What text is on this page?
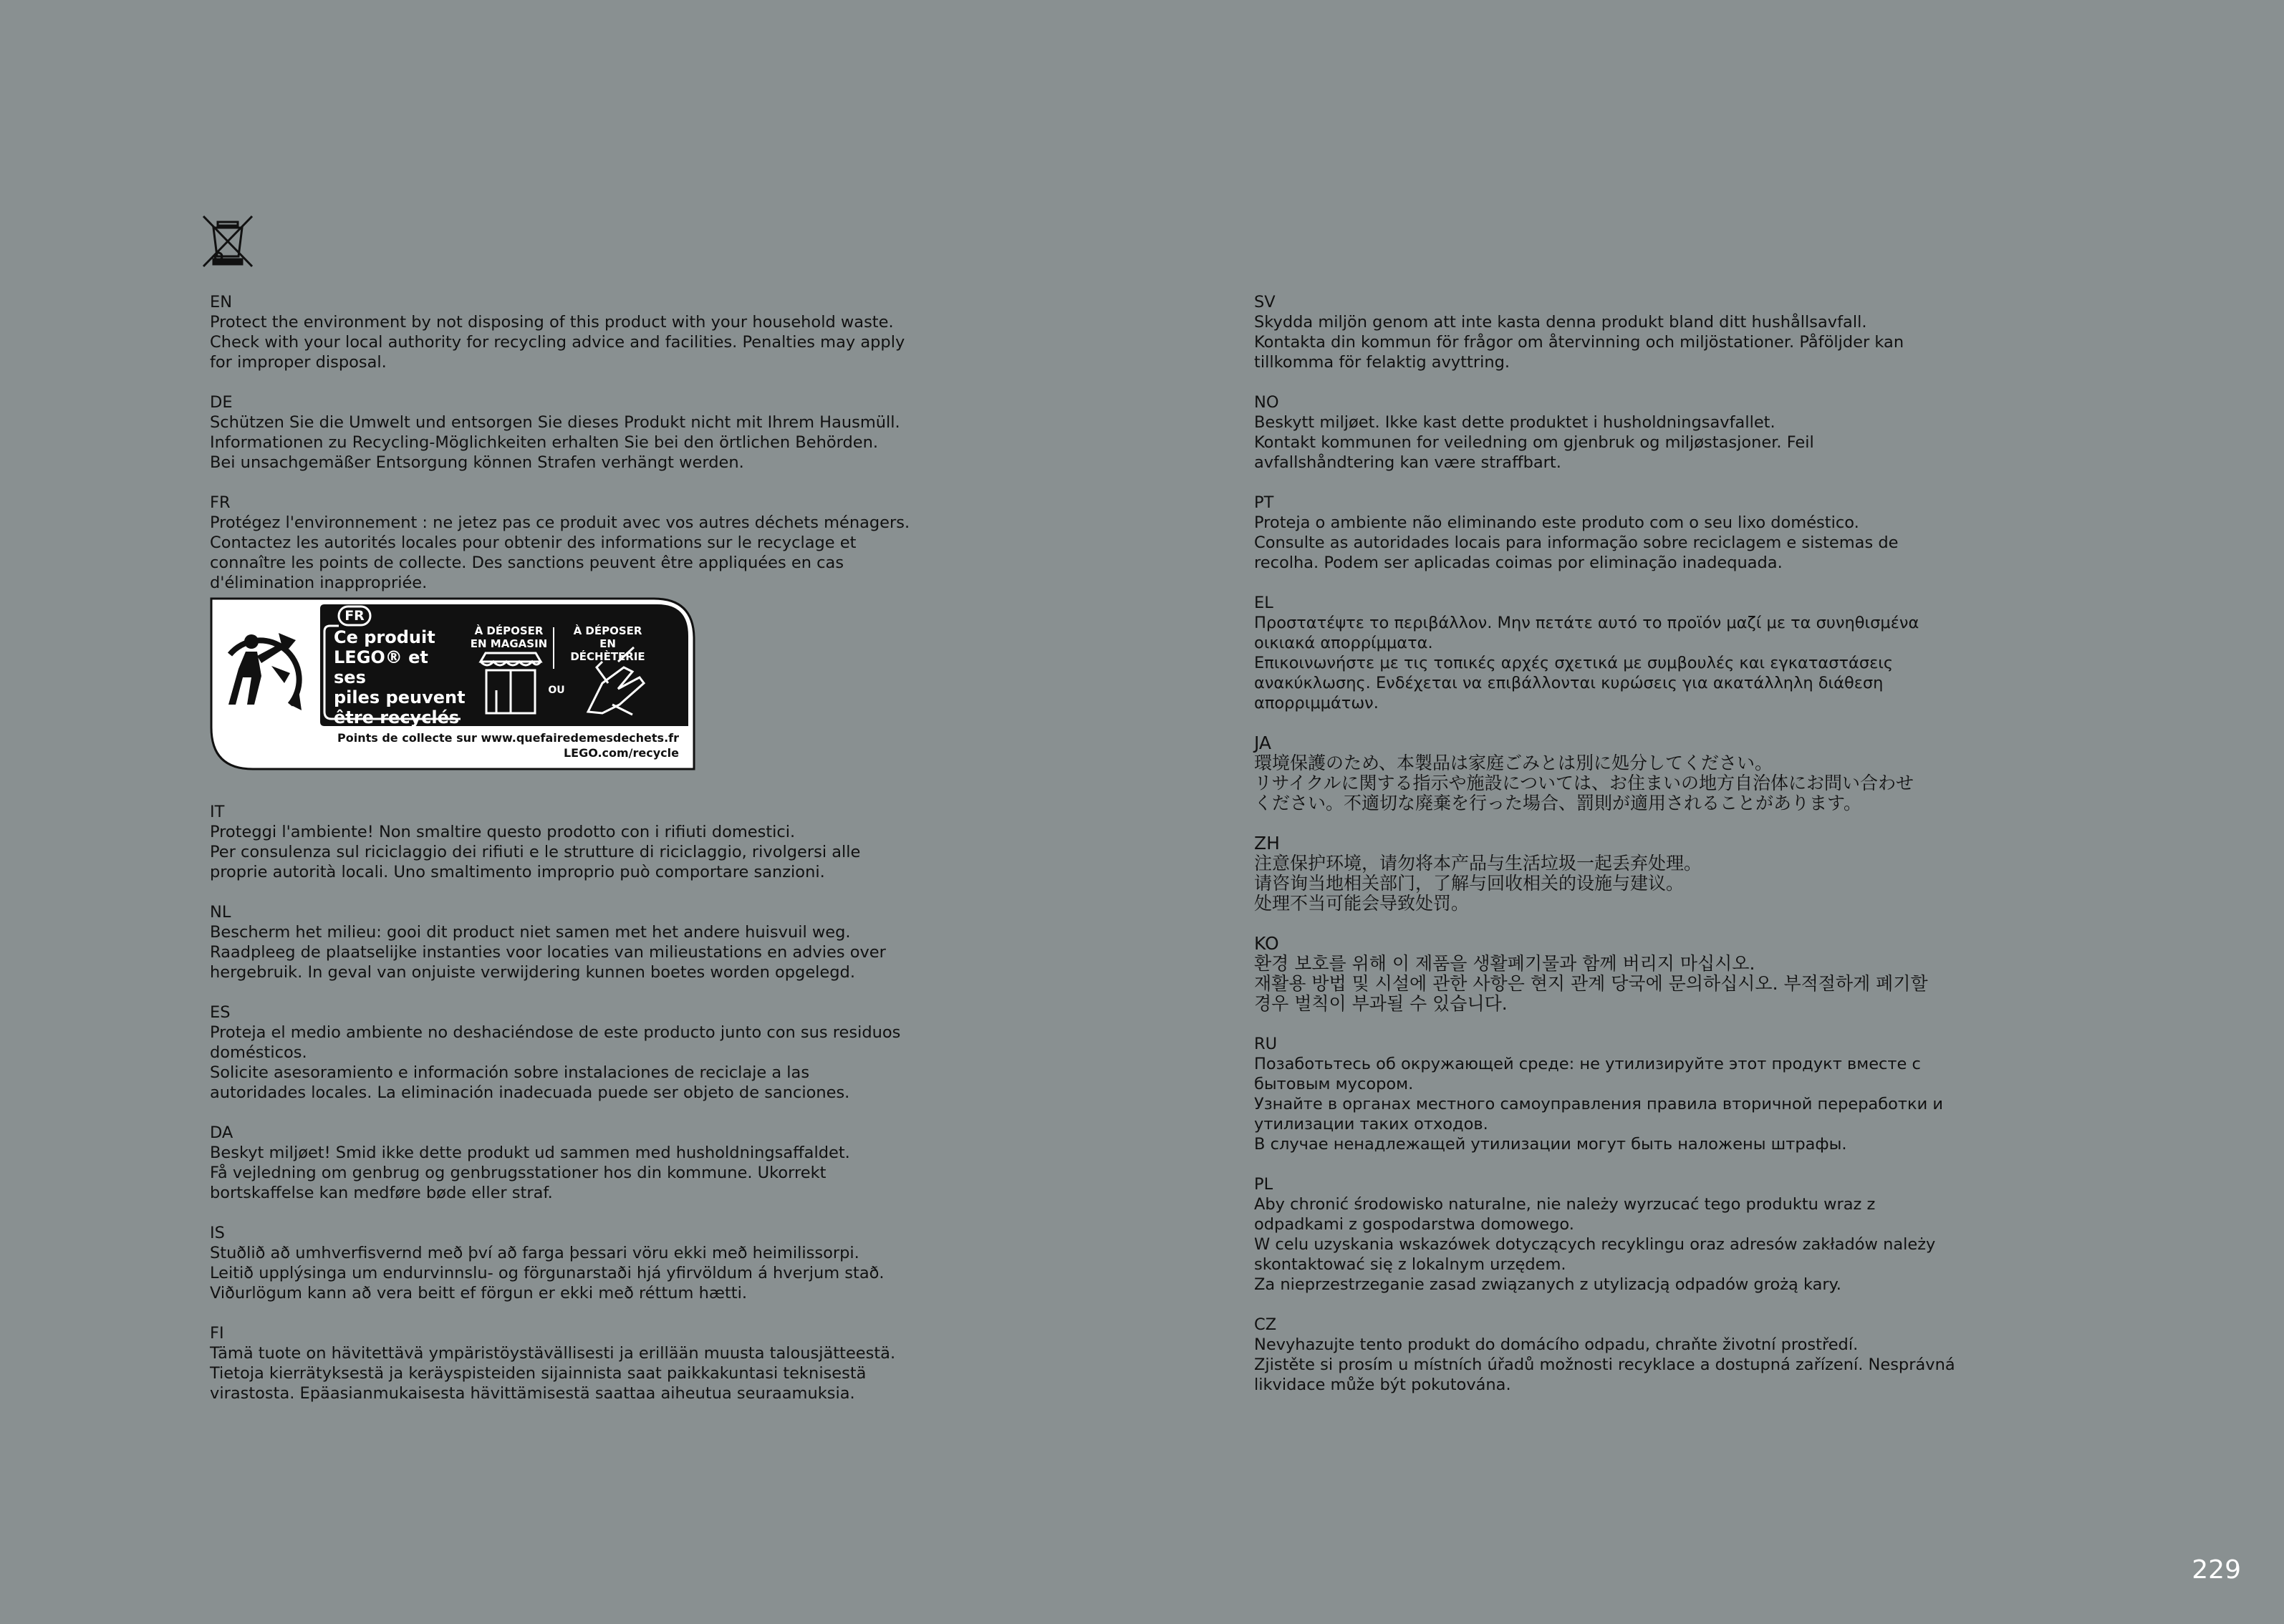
EN
Protect the environment by not disposing of this product with your household waste.
Check with your local authority for recycling advice and facilities. Penalties may apply
for improper disposal.
DE
Schützen Sie die Umwelt und entsorgen Sie dieses Produkt nicht mit Ihrem Hausmüll.
Informationen zu Recycling-Möglichkeiten erhalten Sie bei den örtlichen Behörden.
Bei unsachgemäßer Entsorgung können Strafen verhängt werden.
FR
Protégez l'environnement : ne jetez pas ce produit avec vos autres déchets ménagers.
Contactez les autorités locales pour obtenir des informations sur le recyclage et
connaître les points de collecte. Des sanctions peuvent être appliquées en cas
d'élimination inappropriée.
FR
Ce produit
LEGO® et ses
piles peuvent
être recyclés
À DÉPOSER
EN MAGASIN
À DÉPOSER
EN DÉCHÈTERIE
OU
Points de collecte sur www.quefairedemesdechets.fr
LEGO.com/recycle
IT
Proteggi l'ambiente! Non smaltire questo prodotto con i rifiuti domestici.
Per consulenza sul riciclaggio dei rifiuti e le strutture di riciclaggio, rivolgersi alle
proprie autorità locali. Uno smaltimento improprio può comportare sanzioni.
NL
Bescherm het milieu: gooi dit product niet samen met het andere huisvuil weg.
Raadpleeg de plaatselijke instanties voor locaties van milieustations en advies over
hergebruik. In geval van onjuiste verwijdering kunnen boetes worden opgelegd.
ES
Proteja el medio ambiente no deshaciéndose de este producto junto con sus residuos
domésticos.
Solicite asesoramiento e información sobre instalaciones de reciclaje a las
autoridades locales. La eliminación inadecuada puede ser objeto de sanciones.
DA
Beskyt miljøet! Smid ikke dette produkt ud sammen med husholdningsaffaldet.
Få vejledning om genbrug og genbrugsstationer hos din kommune. Ukorrekt
bortskaffelse kan medføre bøde eller straf.
IS
Stuðlið að umhverfisvernd með því að farga þessari vöru ekki með heimilissorpi.
Leitið upplýsinga um endurvinnslu- og förgunarstaði hjá yfirvöldum á hverjum stað.
Viðurlögum kann að vera beitt ef förgun er ekki með réttum hætti.
FI
Tämä tuote on hävitettävä ympäristöystävällisesti ja erillään muusta talousjätteestä.
Tietoja kierrätyksestä ja keräyspisteiden sijainnista saat paikkakuntasi teknisestä
virastosta. Epäasianmukaisesta hävittämisestä saattaa aiheutua seuraamuksia.
SV
Skydda miljön genom att inte kasta denna produkt bland ditt hushållsavfall.
Kontakta din kommun för frågor om återvinning och miljöstationer. Påföljder kan
tillkomma för felaktig avyttring.
NO
Beskytt miljøet. Ikke kast dette produktet i husholdningsavfallet.
Kontakt kommunen for veiledning om gjenbruk og miljøstasjoner. Feil
avfallshåndtering kan være straffbart.
PT
Proteja o ambiente não eliminando este produto com o seu lixo doméstico.
Consulte as autoridades locais para informação sobre reciclagem e sistemas de
recolha. Podem ser aplicadas coimas por eliminação inadequada.
EL
Προστατέψτε το περιβάλλον. Μην πετάτε αυτό το προϊόν μαζί με τα συνηθισμένα
οικιακά απορρίμματα.
Επικοινωνήστε με τις τοπικές αρχές σχετικά με συμβουλές και εγκαταστάσεις
ανακύκλωσης. Ενδέχεται να επιβάλλονται κυρώσεις για ακατάλληλη διάθεση
απορριμμάτων.
JA
環境保護のため、本製品は家庭ごみとは別に処分してください。
リサイクルに関する指示や施設については、お住まいの地方自治体にお問い合わせ
ください。不適切な廃棄を行った場合、罰則が適用されることがあります。
ZH
注意保护环境，请勿将本产品与生活垃圾一起丢弃处理。
请咨询当地相关部门，了解与回收相关的设施与建议。
处理不当可能会导致处罚。
KO
환경 보호를 위해 이 제품을 생활폐기물과 함께 버리지 마십시오.
재활용 방법 및 시설에 관한 사항은 현지 관계 당국에 문의하십시오. 부적절하게 폐기할
경우 벌칙이 부과될 수 있습니다.
RU
Позаботьтесь об окружающей среде: не утилизируйте этот продукт вместе с
бытовым мусором.
Узнайте в органах местного самоуправления правила вторичной переработки и
утилизации таких отходов.
В случае ненадлежащей утилизации могут быть наложены штрафы.
PL
Aby chronić środowisko naturalne, nie należy wyrzucać tego produktu wraz z
odpadkami z gospodarstwa domowego.
W celu uzyskania wskazówek dotyczących recyklingu oraz adresów zakładów należy
skontaktować się z lokalnym urzędem.
Za nieprzestrzeganie zasad związanych z utylizacją odpadów grożą kary.
CZ
Nevyhazujte tento produkt do domácího odpadu, chraňte životní prostředí.
Zjistěte si prosím u místních úřadů možnosti recyklace a dostupná zařízení. Nesprávná
likvidace může být pokutována.
229
